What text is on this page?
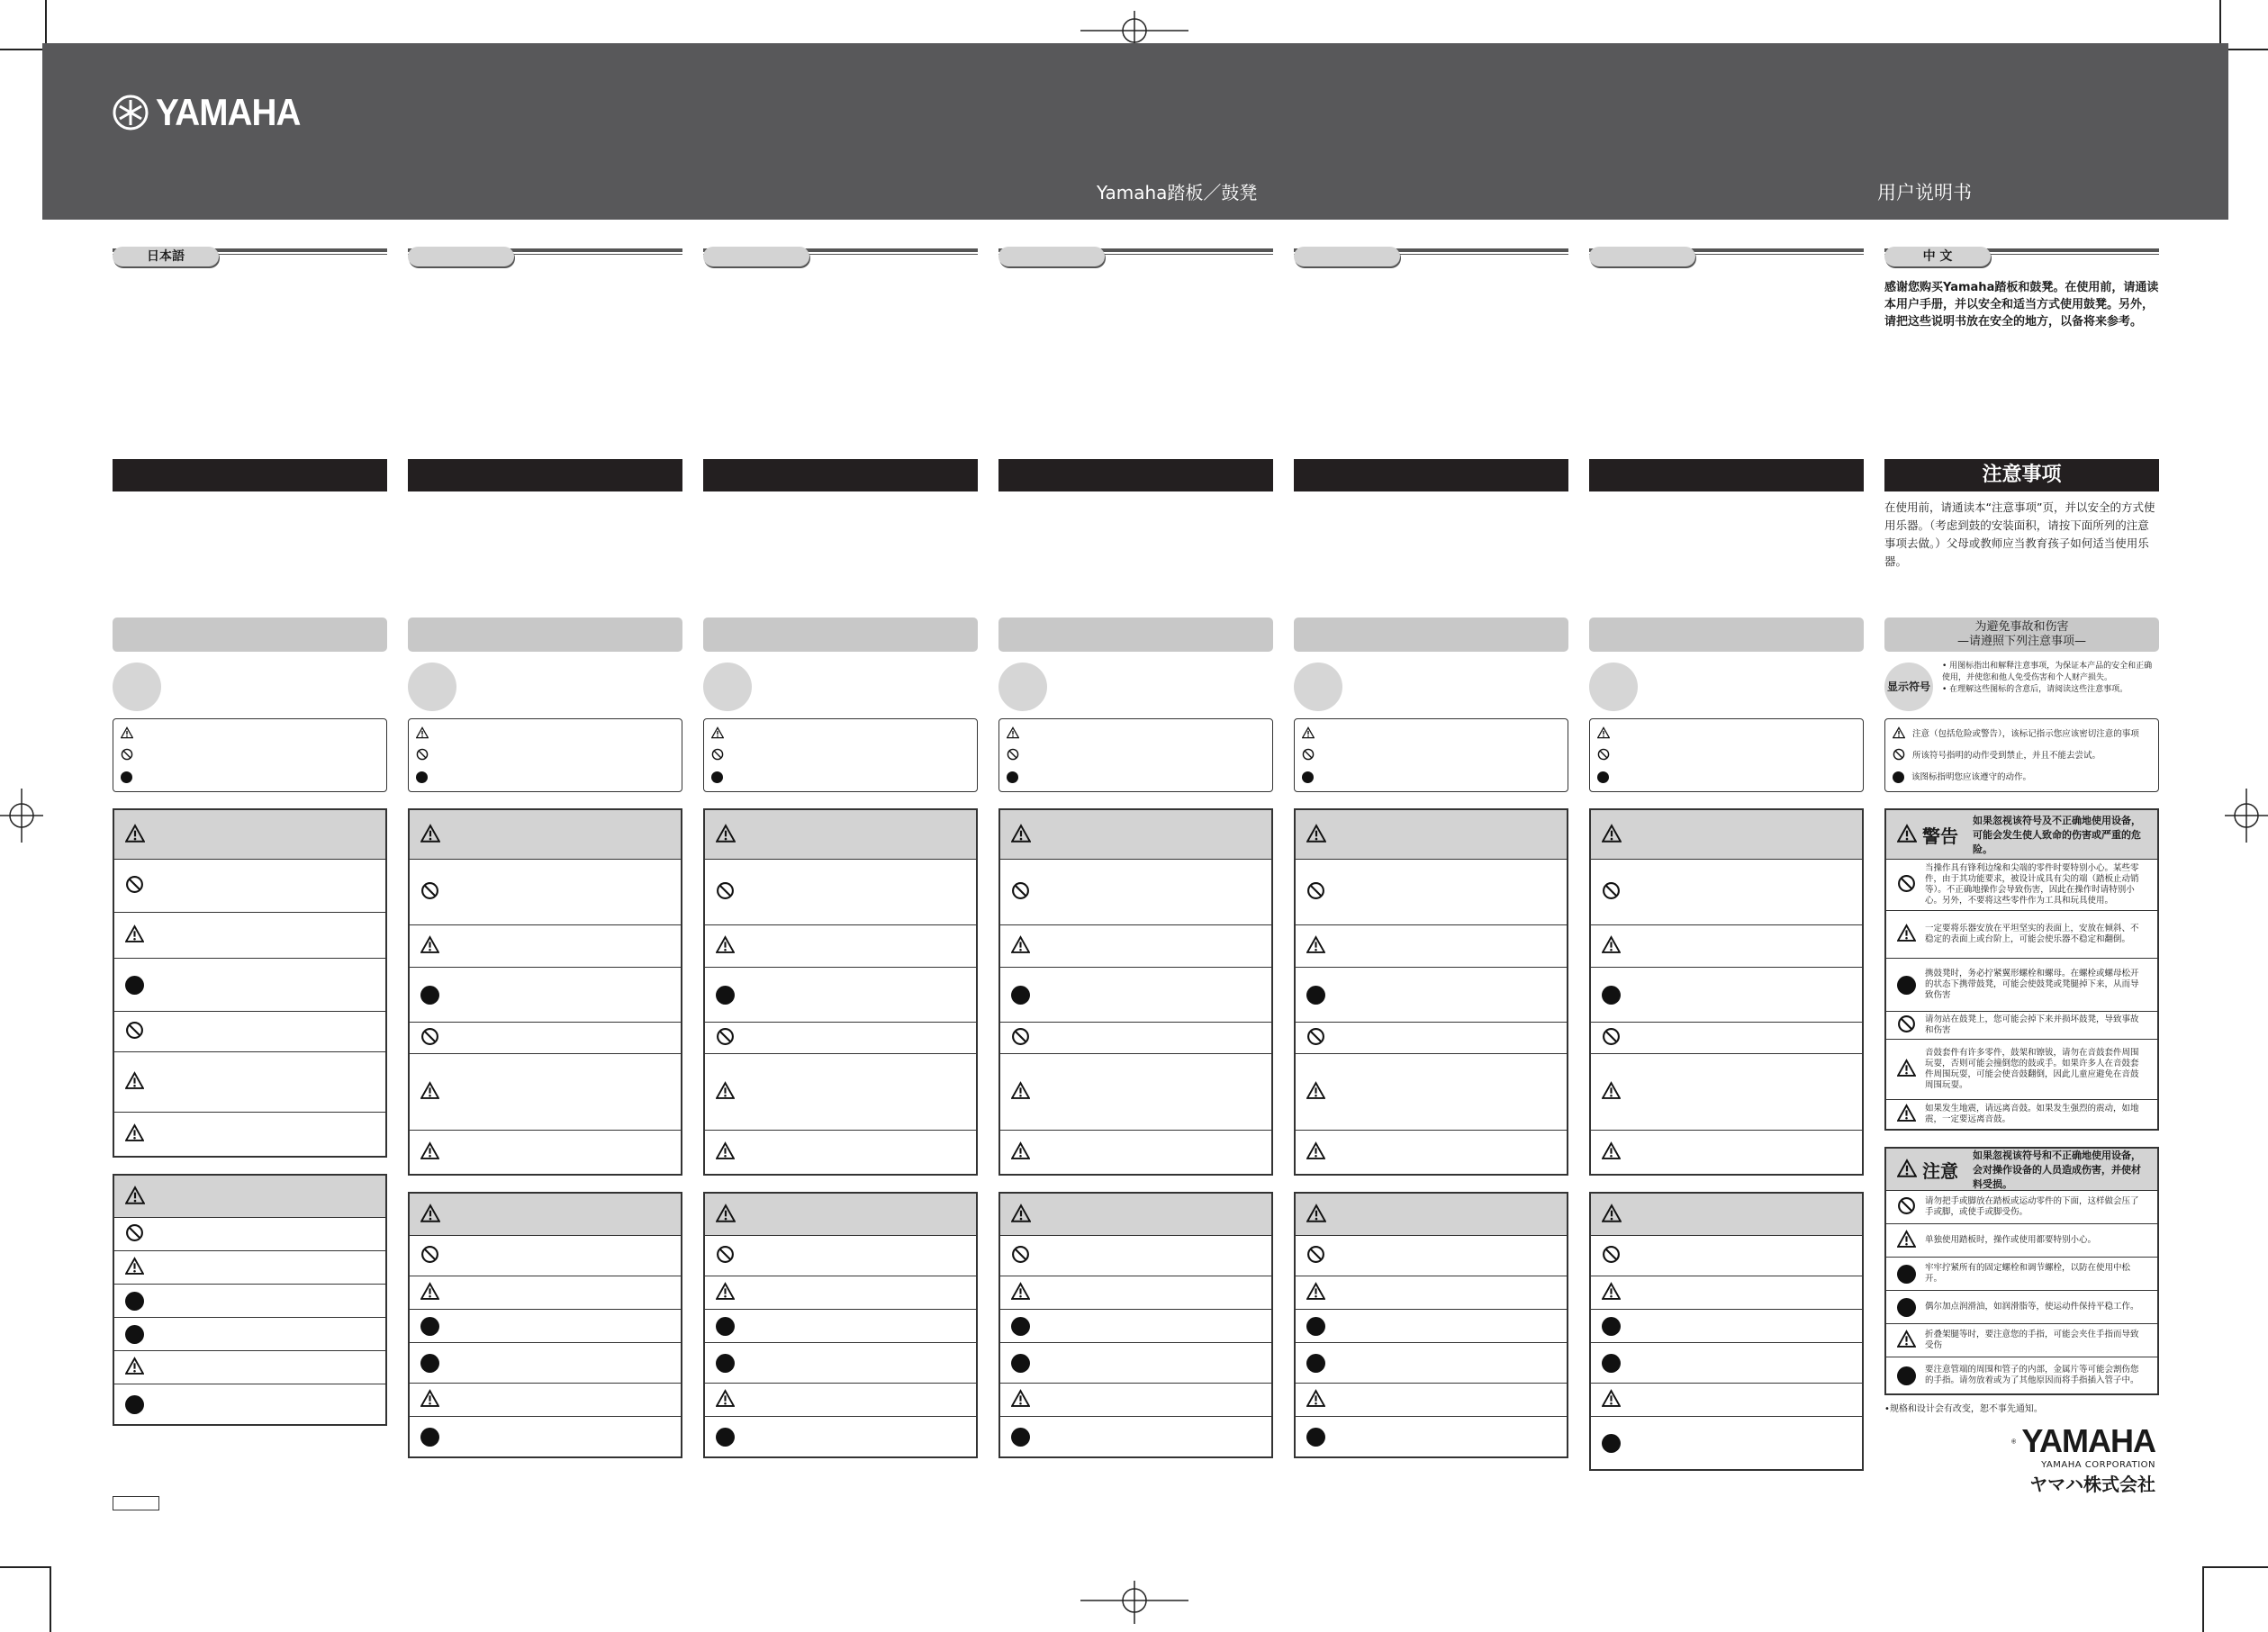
YAMAHA
Yamaha踏板／鼓凳	用户说明书
日本語	中 文
感谢您购买Yamaha踏板和鼓凳。在使用前，请通读本用户手册，并以安全和适当方式使用鼓凳。另外，请把这些说明书放在安全的地方，以备将来参考。
注意事项
在使用前，请通读本“注意事项”页，并以安全的方式使用乐器。（考虑到鼓的安装面积，请按下面所列的注意事项去做。）父母或教师应当教育孩子如何适当使用乐器。
为避免事故和伤害
—请遵照下列注意事项—
显示符号
• 用图标指出和解释注意事项，为保证本产品的安全和正确使用，并使您和他人免受伤害和个人财产损失。
• 在理解这些图标的含意后，请阅读这些注意事项。
注意（包括危险或警告），该标记指示您应该密切注意的事项
所该符号指明的动作受到禁止，并且不能去尝试。
该图标指明您应该遵守的动作。
警告
如果忽视该符号及不正确地使用设备，可能会发生使人致命的伤害或严重的危险。
当操作具有锋利边缘和尖端的零件时要特别小心。某些零件，由于其功能要求，被设计成具有尖的端（踏板止动销等）。不正确地操作会导致伤害，因此在操作时请特别小心。另外，不要将这些零件作为工具和玩具使用。
一定要将乐器安放在平坦坚实的表面上，安放在倾斜、不稳定的表面上或台阶上，可能会使乐器不稳定和翻倒。
携鼓凳时，务必拧紧翼形螺栓和螺母。在螺栓或螺母松开的状态下携带鼓凳，可能会使鼓凳或凳腿掉下来，从而导致伤害
请勿站在鼓凳上，您可能会掉下来并损坏鼓凳，导致事故和伤害
音鼓套件有许多零件，鼓架和镲钹，请勿在音鼓套件周围玩耍，否则可能会撞倒您的鼓或手。如果许多人在音鼓套件周围玩耍，可能会使音鼓翻倒，因此儿童应避免在音鼓周围玩耍。
如果发生地震，请远离音鼓。如果发生强烈的震动，如地震，一定要远离音鼓。
注意
如果忽视该符号和不正确地使用设备，会对操作设备的人员造成伤害，并使材料受损。
请勿把手或脚放在踏板或运动零件的下面，这样做会压了手或脚，或使手或脚受伤。
单独使用踏板时，操作或使用都要特别小心。
牢牢拧紧所有的固定螺栓和调节螺栓，以防在使用中松开。
偶尔加点润滑油，如润滑脂等，使运动件保持平稳工作。
折叠架腿等时，要注意您的手指，可能会夹住手指而导致受伤
要注意管端的周围和管子的内部，金属片等可能会割伤您的手指。请勿放着或为了其他原因而将手指插入管子中。
•规格和设计会有改变，恕不事先通知。
YAMAHA
YAMAHA CORPORATION
ヤマハ株式会社
